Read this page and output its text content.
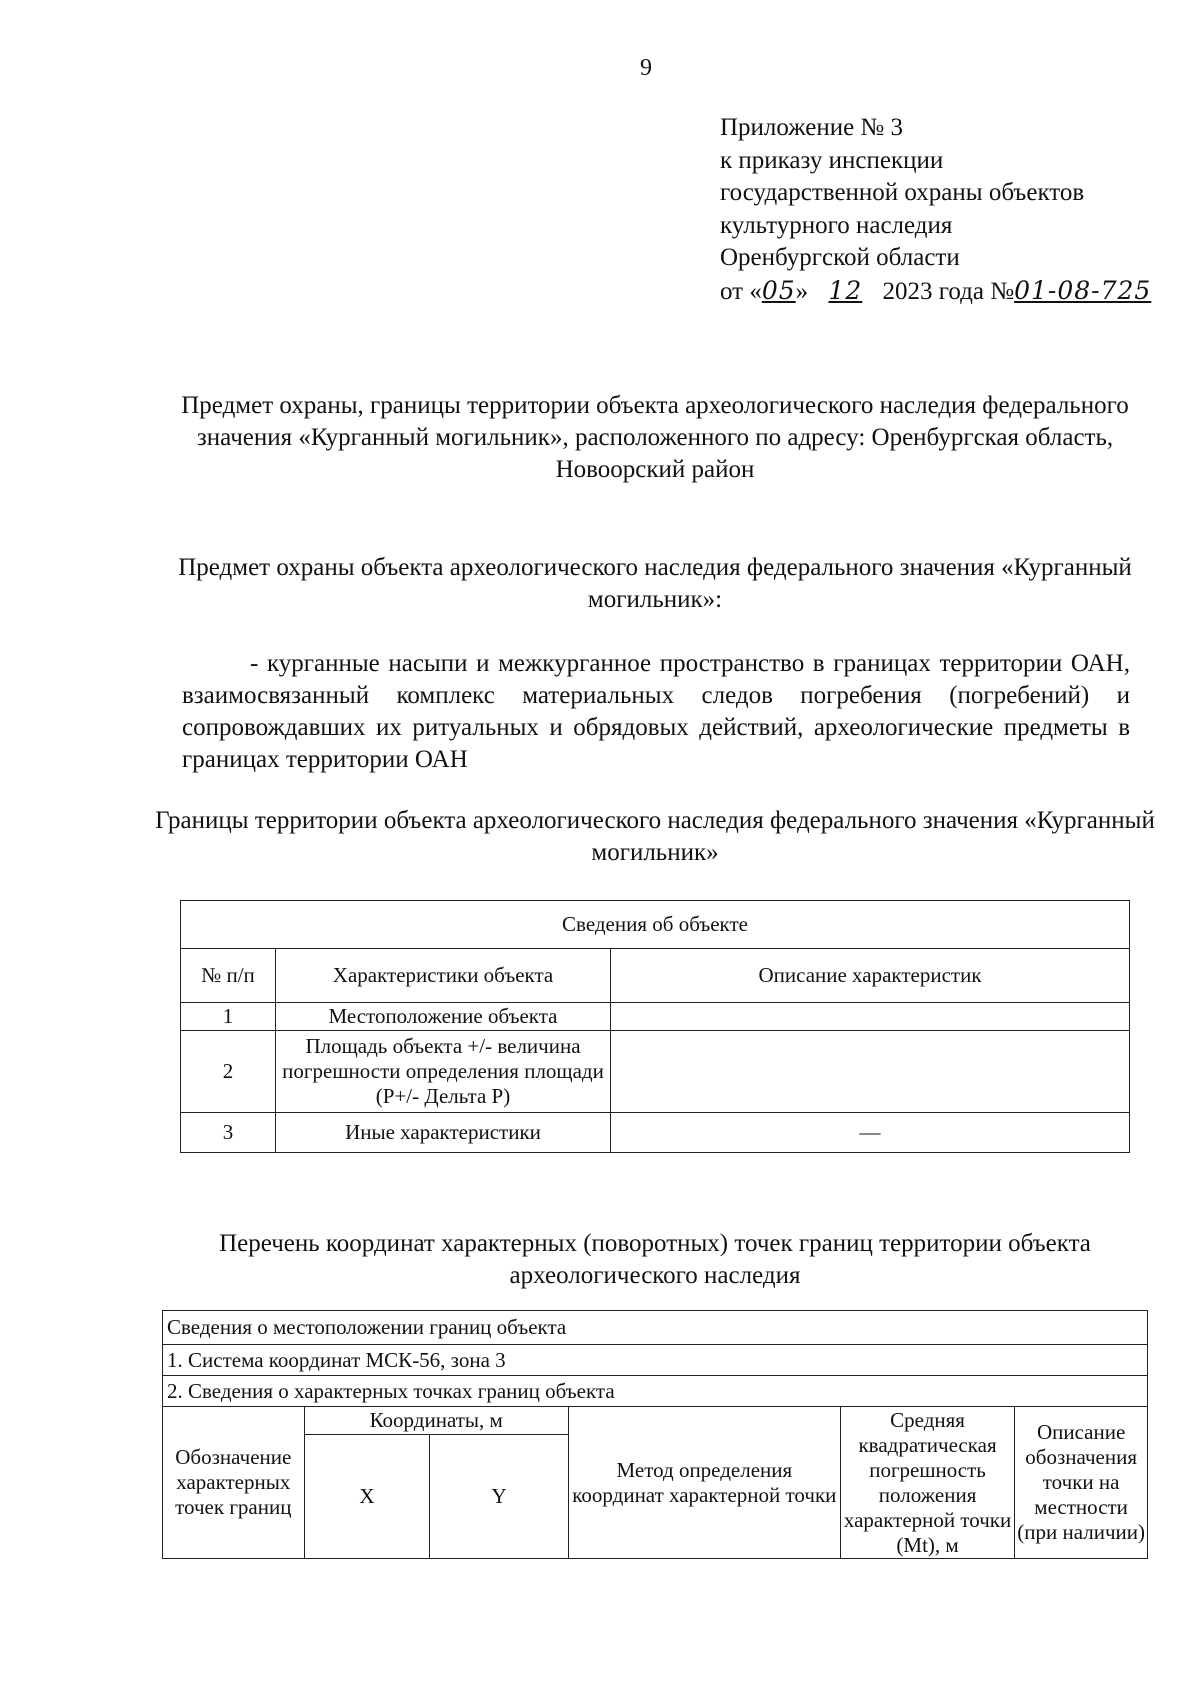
9
Приложение № 3
к приказу инспекции
государственной охраны объектов
культурного наследия
Оренбургской области
от «05» 12 2023 года №01-08-725
Предмет охраны, границы территории объекта археологического наследия федерального значения «Курганный могильник», расположенного по адресу: Оренбургская область, Новоорский район
Предмет охраны объекта археологического наследия федерального значения «Курганный могильник»:
- курганные насыпи и межкурганное пространство в границах территории ОАН, взаимосвязанный комплекс материальных следов погребения (погребений) и сопровождавших их ритуальных и обрядовых действий, археологические предметы в границах территории ОАН
Границы территории объекта археологического наследия федерального значения «Курганный могильник»
Сведения об объекте		
№ п/п	Характеристики объекта	Описание характеристик
1	Местоположение объекта	
2	Площадь объекта +/- величина погрешности определения площади (P+/- Дельта P)	
3	Иные характеристики	—
Перечень координат характерных (поворотных) точек границ территории объекта археологического наследия
Сведения о местоположении границ объекта					
1. Система координат МСК-56, зона 3					
2. Сведения о характерных точках границ объекта					
Обозначение характерных точек границ	Координаты, м		Метод определения координат характерной точки	Средняя квадратическая погрешность положения характерной точки (Mt), м	Описание обозначения точки на местности (при наличии)
	X	Y			
